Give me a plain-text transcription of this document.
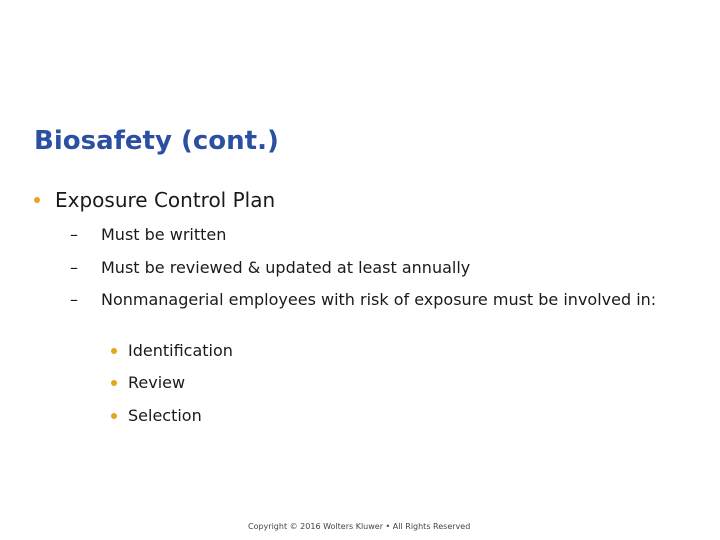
Biosafety (cont.)
Exposure Control Plan
– Must be written
– Must be reviewed & updated at least annually
– Nonmanagerial employees with risk of exposure must be involved in:
Identification
Review
Selection
Copyright © 2016 Wolters Kluwer • All Rights Reserved
